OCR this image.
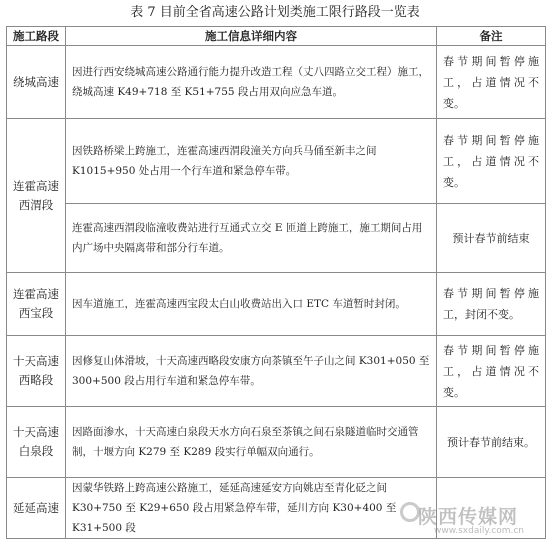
表 7 目前全省高速公路计划类施工限行路段一览表
施工路段	施工信息详细内容	备注
绕城高速	因进行西安绕城高速公路通行能力提升改造工程（丈八四路立交工程）施工，绕城高速 K49+718 至 K51+755 段占用双向应急车道。	春节期间暂停施工，占道情况不变。
连霍高速西渭段	因铁路桥梁上跨施工，连霍高速西渭段潼关方向兵马俑至新丰之间 K1015+950 处占用一个行车道和紧急停车带。	春节期间暂停施工，占道情况不变。
	连霍高速西渭段临潼收费站进行互通式立交 E 匝道上跨施工，施工期间占用内广场中央隔离带和部分行车道。	预计春节前结束
连霍高速西宝段	因车道施工，连霍高速西宝段太白山收费站出入口 ETC 车道暂时封闭。	春节期间暂停施工，封闭不变。
十天高速西略段	因修复山体滑坡，十天高速西略段安康方向茶镇至午子山之间 K301+050 至 300+500 段占用行车道和紧急停车带。	春节期间暂停施工，占道情况不变。
十天高速白泉段	因路面渗水，十天高速白泉段天水方向石泉至茶镇之间石泉隧道临时交通管制，十堰方向 K279 至 K289 段实行单幅双向通行。	预计春节前结束。
延延高速	因蒙华铁路上跨高速公路施工，延延高速延安方向姚店至青化砭之间 K30+750 至 K29+650 段占用紧急停车带，延川方向 K30+400 至 K31+500 段		陕西传媒网
www.sxdaily.com.cn
